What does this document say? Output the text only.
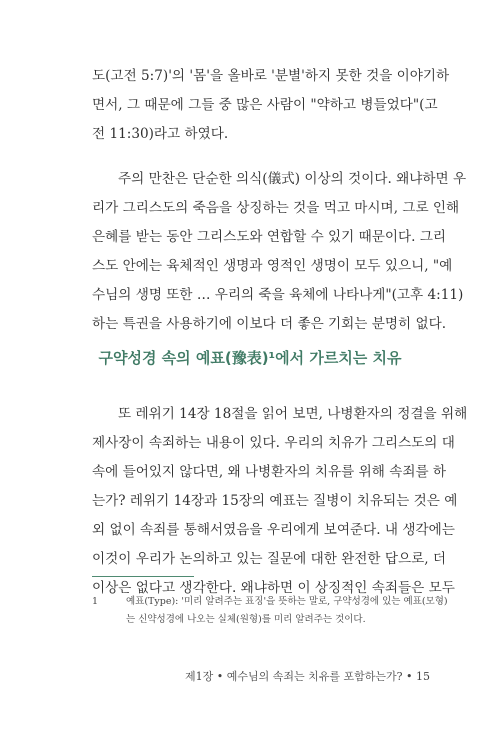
도(고전 5:7)'의 '몸'을 올바로 '분별'하지 못한 것을 이야기하
면서, 그 때문에 그들 중 많은 사람이 "약하고 병들었다"(고
전 11:30)라고 하였다.
주의 만찬은 단순한 의식(儀式) 이상의 것이다. 왜냐하면 우
리가 그리스도의 죽음을 상징하는 것을 먹고 마시며, 그로 인해
은혜를 받는 동안 그리스도와 연합할 수 있기 때문이다. 그리
스도 안에는 육체적인 생명과 영적인 생명이 모두 있으니, "예
수님의 생명 또한 … 우리의 죽을 육체에 나타나게"(고후 4:11)
하는 특권을 사용하기에 이보다 더 좋은 기회는 분명히 없다.
구약성경 속의 예표(豫表)¹에서 가르치는 치유
또 레위기 14장 18절을 읽어 보면, 나병환자의 정결을 위해
제사장이 속죄하는 내용이 있다. 우리의 치유가 그리스도의 대
속에 들어있지 않다면, 왜 나병환자의 치유를 위해 속죄를 하
는가? 레위기 14장과 15장의 예표는 질병이 치유되는 것은 예
외 없이 속죄를 통해서였음을 우리에게 보여준다. 내 생각에는
이것이 우리가 논의하고 있는 질문에 대한 완전한 답으로, 더
이상은 없다고 생각한다. 왜냐하면 이 상징적인 속죄들은 모두
1	예표(Type): '미리 알려주는 표징'을 뜻하는 말로, 구약성경에 있는 예표(모형)
는 신약성경에 나오는 실체(원형)를 미리 알려주는 것이다.
제1장 • 예수님의 속죄는 치유를 포함하는가? • 15
